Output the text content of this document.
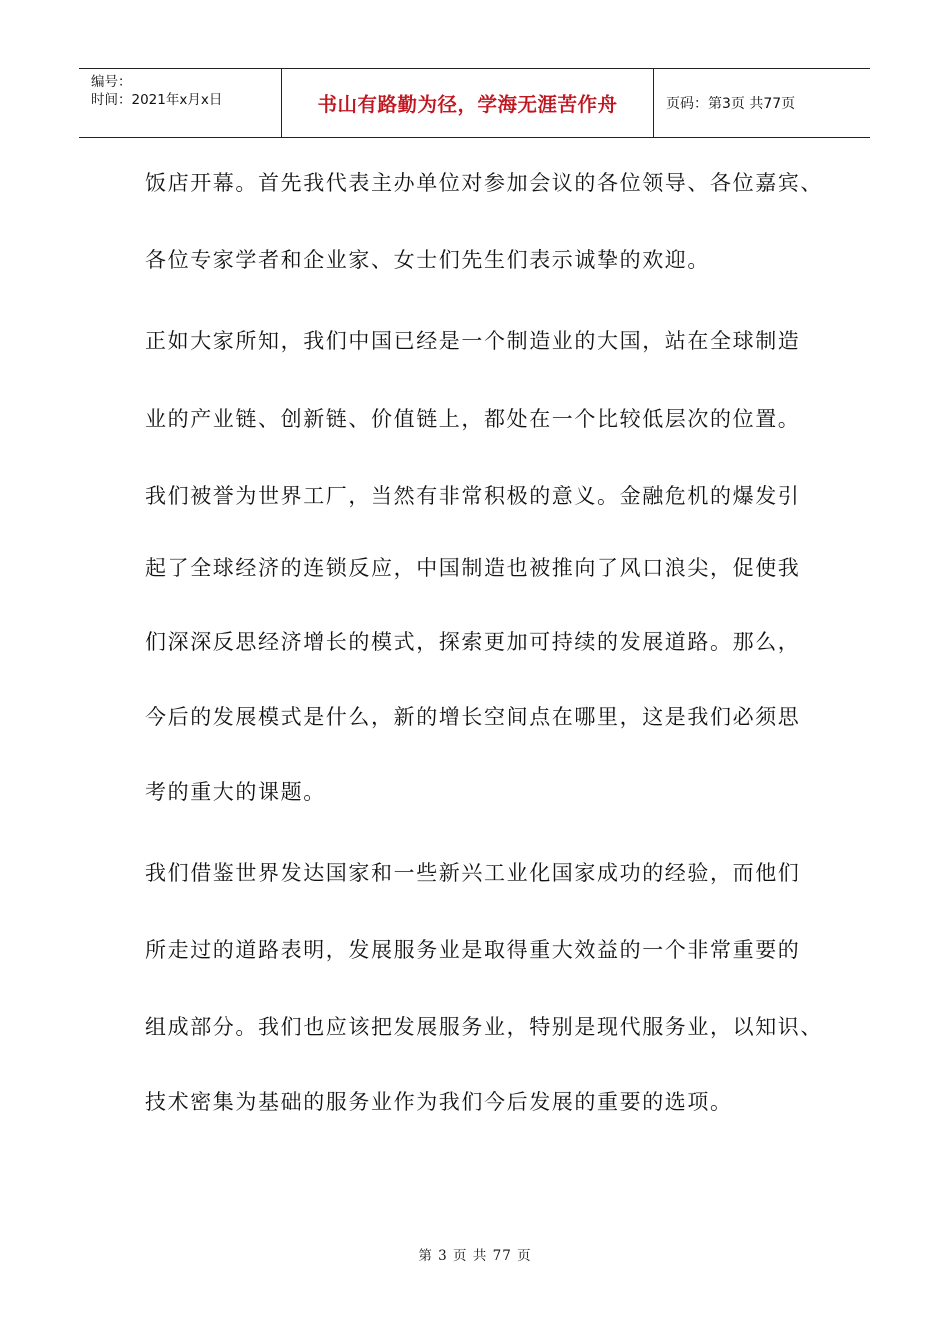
编号：
时间：2021年x月x日	书山有路勤为径，学海无涯苦作舟	页码：第3页 共77页

饭店开幕。首先我代表主办单位对参加会议的各位领导、各位嘉宾、

各位专家学者和企业家、女士们先生们表示诚挚的欢迎。

正如大家所知，我们中国已经是一个制造业的大国，站在全球制造

业的产业链、创新链、价值链上，都处在一个比较低层次的位置。

我们被誉为世界工厂，当然有非常积极的意义。金融危机的爆发引

起了全球经济的连锁反应，中国制造也被推向了风口浪尖，促使我

们深深反思经济增长的模式，探索更加可持续的发展道路。那么，

今后的发展模式是什么，新的增长空间点在哪里，这是我们必须思

考的重大的课题。

我们借鉴世界发达国家和一些新兴工业化国家成功的经验，而他们

所走过的道路表明，发展服务业是取得重大效益的一个非常重要的

组成部分。我们也应该把发展服务业，特别是现代服务业，以知识、

技术密集为基础的服务业作为我们今后发展的重要的选项。

第 3 页 共 77 页
